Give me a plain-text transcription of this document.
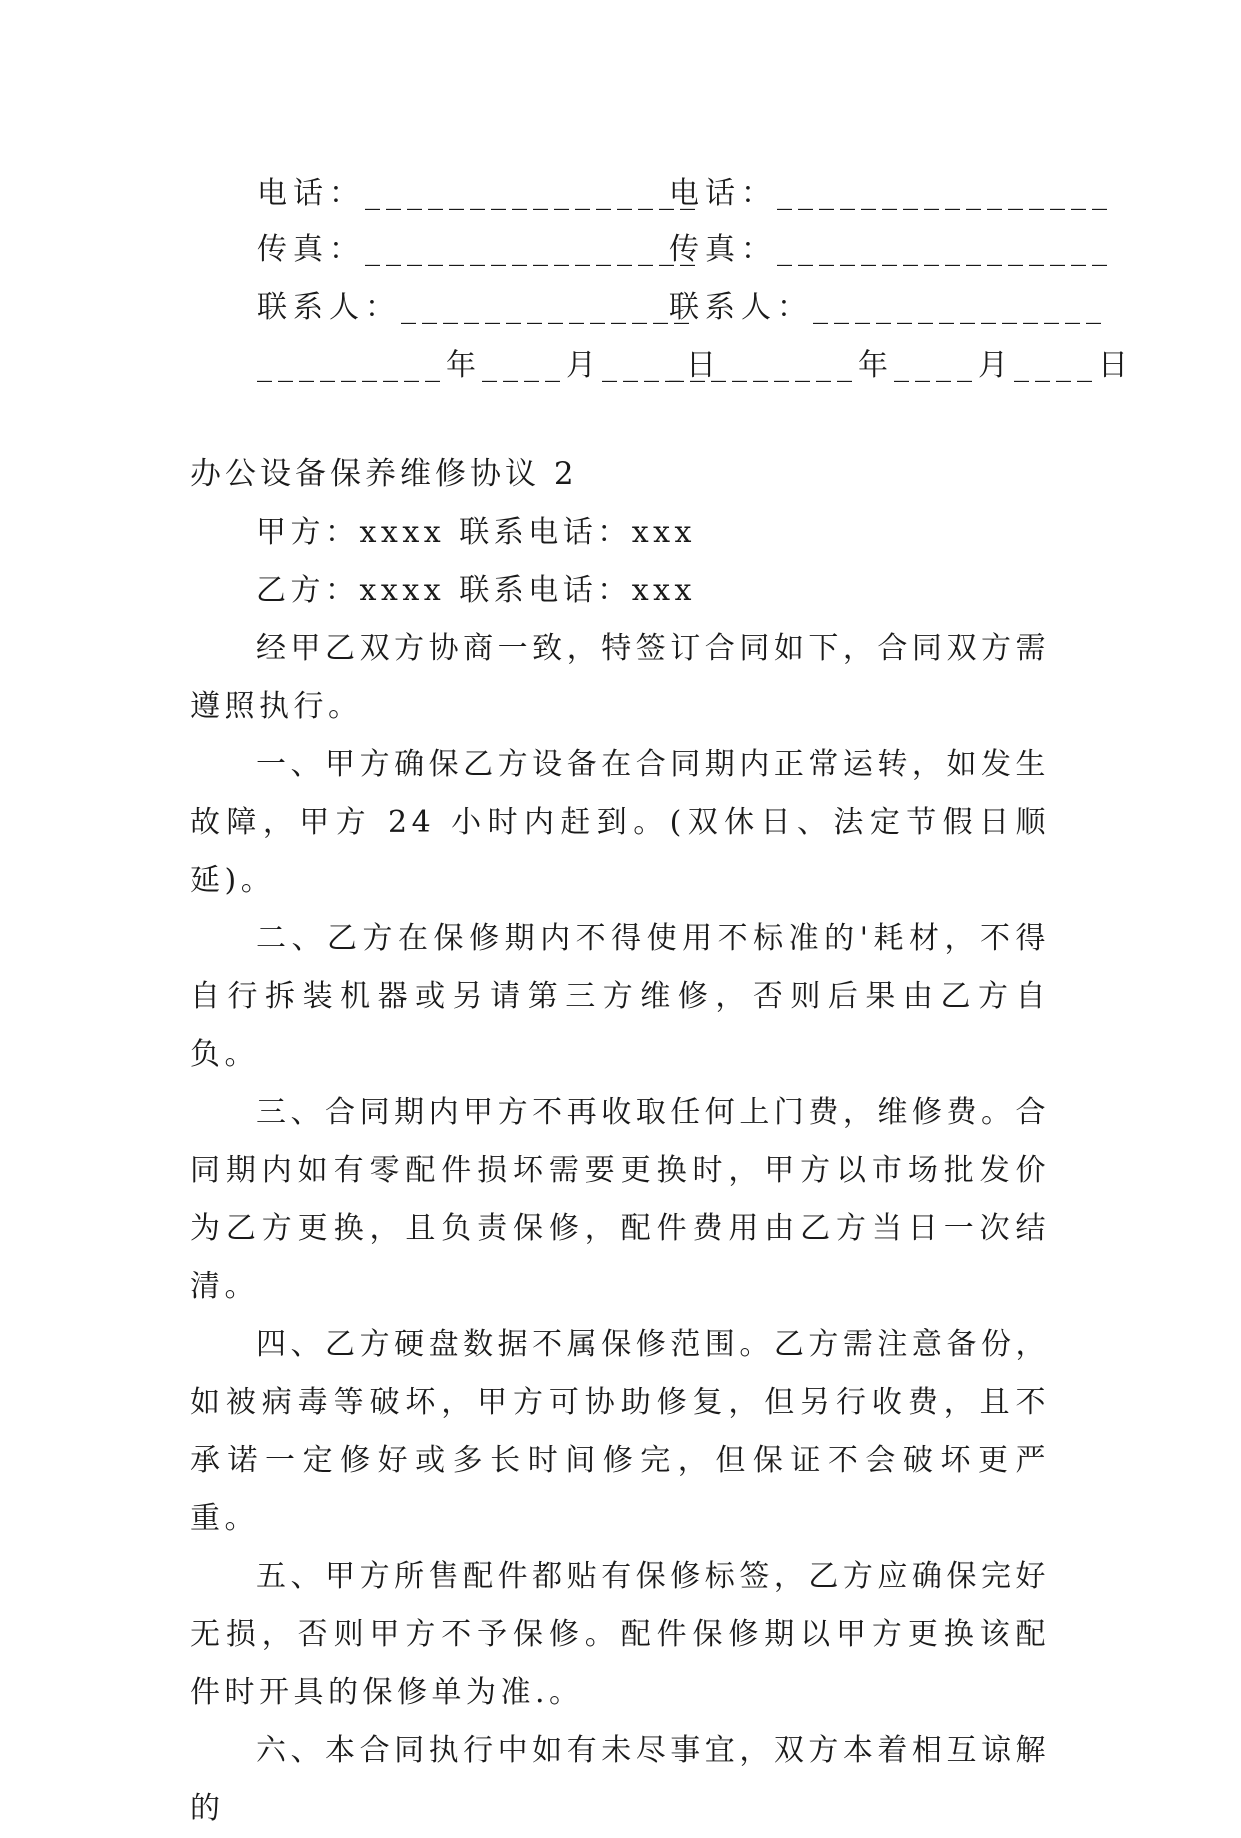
电话：________________
电话：________________
传真：________________
传真：________________
联系人：______________
联系人：______________
_________年____月____日
_________年____月____日
办公设备保养维修协议 2

甲方：xxxx 联系电话：xxx

乙方：xxxx 联系电话：xxx

经甲乙双方协商一致，特签订合同如下，合同双方需遵照执行。

一、甲方确保乙方设备在合同期内正常运转，如发生故障，甲方 24 小时内赶到。(双休日、法定节假日顺延)。

二、乙方在保修期内不得使用不标准的'耗材，不得自行拆装机器或另请第三方维修，否则后果由乙方自负。

三、合同期内甲方不再收取任何上门费，维修费。合同期内如有零配件损坏需要更换时，甲方以市场批发价为乙方更换，且负责保修，配件费用由乙方当日一次结清。

四、乙方硬盘数据不属保修范围。乙方需注意备份，如被病毒等破坏，甲方可协助修复，但另行收费，且不承诺一定修好或多长时间修完，但保证不会破坏更严重。

五、甲方所售配件都贴有保修标签，乙方应确保完好无损，否则甲方不予保修。配件保修期以甲方更换该配件时开具的保修单为准.。

六、本合同执行中如有未尽事宜，双方本着相互谅解的
